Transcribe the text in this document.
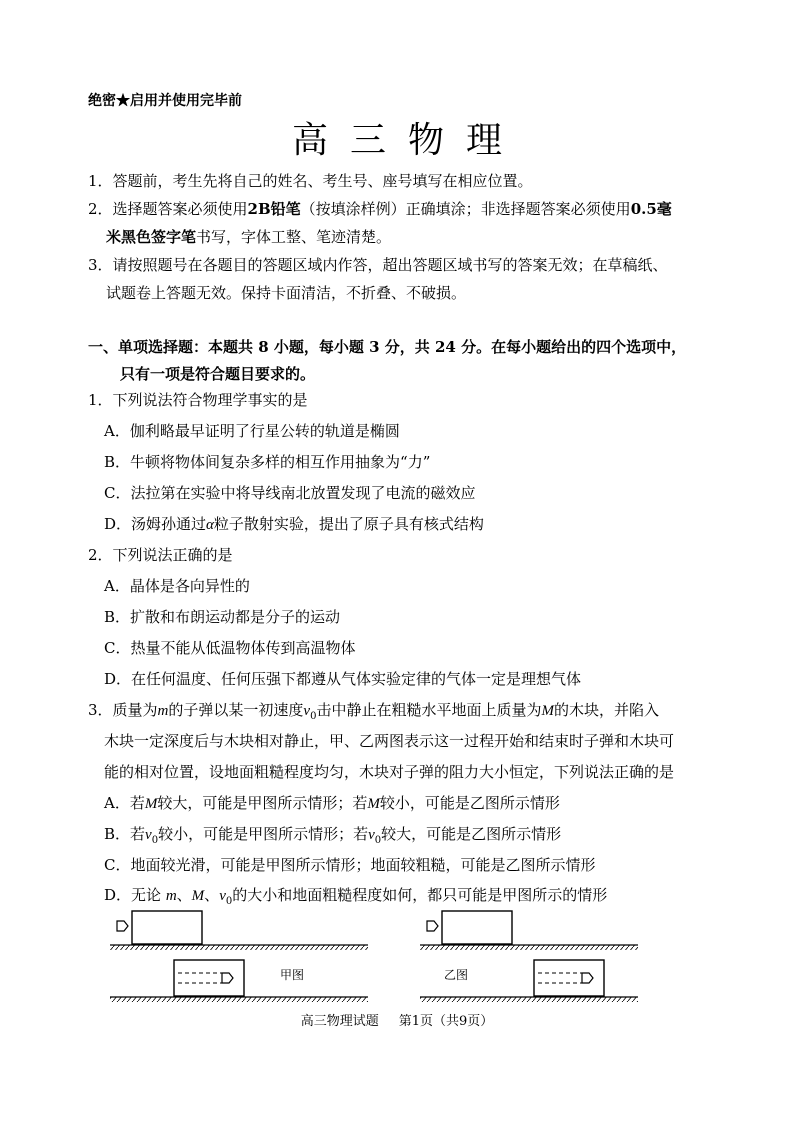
绝密★启用并使用完毕前
高三物理
1．答题前，考生先将自己的姓名、考生号、座号填写在相应位置。
2．选择题答案必须使用2B铅笔（按填涂样例）正确填涂；非选择题答案必须使用0.5毫
米黑色签字笔书写，字体工整、笔迹清楚。
3．请按照题号在各题目的答题区域内作答，超出答题区域书写的答案无效；在草稿纸、
试题卷上答题无效。保持卡面清洁，不折叠、不破损。
一、单项选择题：本题共 8 小题，每小题 3 分，共 24 分。在每小题给出的四个选项中，
只有一项是符合题目要求的。
1．下列说法符合物理学事实的是
A．伽利略最早证明了行星公转的轨道是椭圆
B．牛顿将物体间复杂多样的相互作用抽象为“力”
C．法拉第在实验中将导线南北放置发现了电流的磁效应
D．汤姆孙通过α粒子散射实验，提出了原子具有核式结构
2．下列说法正确的是
A．晶体是各向异性的
B．扩散和布朗运动都是分子的运动
C．热量不能从低温物体传到高温物体
D．在任何温度、任何压强下都遵从气体实验定律的气体一定是理想气体
3．质量为m的子弹以某一初速度$v_0$击中静止在粗糙水平地面上质量为M的木块，并陷入
木块一定深度后与木块相对静止，甲、乙两图表示这一过程开始和结束时子弹和木块可
能的相对位置，设地面粗糙程度均匀，木块对子弹的阻力大小恒定，下列说法正确的是
A．若M较大，可能是甲图所示情形；若M较小，可能是乙图所示情形
B．若$v_0$较小，可能是甲图所示情形；若$v_0$较大，可能是乙图所示情形
C．地面较光滑，可能是甲图所示情形；地面较粗糙，可能是乙图所示情形
D．无论 m、M、$v_0$的大小和地面粗糙程度如何，都只可能是甲图所示的情形
甲图	乙图
高三物理试题 第1页（共9页）
